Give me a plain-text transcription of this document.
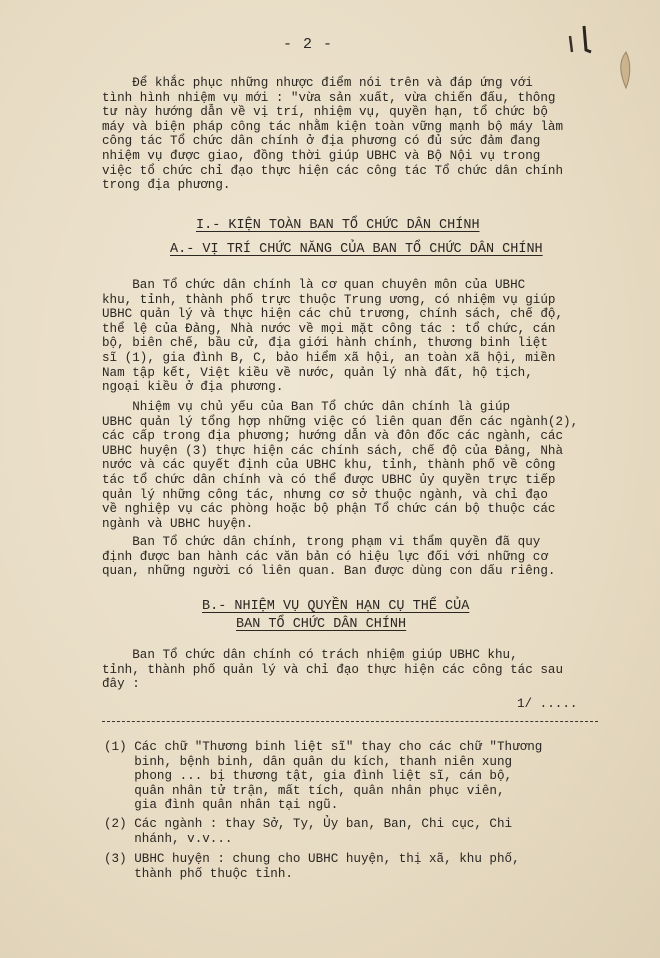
- 2 -
Để khắc phục những nhược điểm nói trên và đáp ứng với
tình hình nhiệm vụ mới : "vừa sản xuất, vừa chiến đấu, thông
tư này hướng dẫn về vị trí, nhiệm vụ, quyền hạn, tổ chức bộ
máy và biện pháp công tác nhằm kiện toàn vững mạnh bộ máy làm
công tác Tổ chức dân chính ở địa phương có đủ sức đảm đang
nhiệm vụ được giao, đồng thời giúp UBHC và Bộ Nội vụ trong
việc tổ chức chỉ đạo thực hiện các công tác Tổ chức dân chính
trong địa phương.
I.- KIỆN TOÀN BAN TỔ CHỨC DÂN CHÍNH
A.- VỊ TRÍ CHỨC NĂNG CỦA BAN TỔ CHỨC DÂN CHÍNH
Ban Tổ chức dân chính là cơ quan chuyên môn của UBHC
khu, tỉnh, thành phố trực thuộc Trung ương, có nhiệm vụ giúp
UBHC quản lý và thực hiện các chủ trương, chính sách, chế độ,
thể lệ của Đảng, Nhà nước về mọi mặt công tác : tổ chức, cán
bộ, biên chế, bầu cử, địa giới hành chính, thương binh liệt
sĩ (1), gia đình B, C, bảo hiểm xã hội, an toàn xã hội, miền
Nam tập kết, Việt kiều về nước, quản lý nhà đất, hộ tịch,
ngoại kiều ở địa phương.
Nhiệm vụ chủ yếu của Ban Tổ chức dân chính là giúp
UBHC quản lý tổng hợp những việc có liên quan đến các ngành(2),
các cấp trong địa phương; hướng dẫn và đôn đốc các ngành, các
UBHC huyện (3) thực hiện các chính sách, chế độ của Đảng, Nhà
nước và các quyết định của UBHC khu, tỉnh, thành phố về công
tác tổ chức dân chính và có thể được UBHC ủy quyền trực tiếp
quản lý những công tác, nhưng cơ sở thuộc ngành, và chỉ đạo
về nghiệp vụ các phòng hoặc bộ phận Tổ chức cán bộ thuộc các
ngành và UBHC huyện.
Ban Tổ chức dân chính, trong phạm vi thẩm quyền đã quy
định được ban hành các văn bản có hiệu lực đối với những cơ
quan, những người có liên quan. Ban được dùng con dấu riêng.
B.- NHIỆM VỤ QUYỀN HẠN CỤ THỂ CỦA
BAN TỔ CHỨC DÂN CHÍNH
Ban Tổ chức dân chính có trách nhiệm giúp UBHC khu,
tỉnh, thành phố quản lý và chỉ đạo thực hiện các công tác sau
đây :
1/ .....
(1) Các chữ "Thương binh liệt sĩ" thay cho các chữ "Thương
binh, bệnh binh, dân quân du kích, thanh niên xung
phong ... bị thương tật, gia đình liệt sĩ, cán bộ,
quân nhân tử trận, mất tích, quân nhân phục viên,
gia đình quân nhân tại ngũ.
(2) Các ngành : thay Sở, Ty, Ủy ban, Ban, Chi cục, Chi
nhánh, v.v...
(3) UBHC huyện : chung cho UBHC huyện, thị xã, khu phố,
thành phố thuộc tỉnh.
